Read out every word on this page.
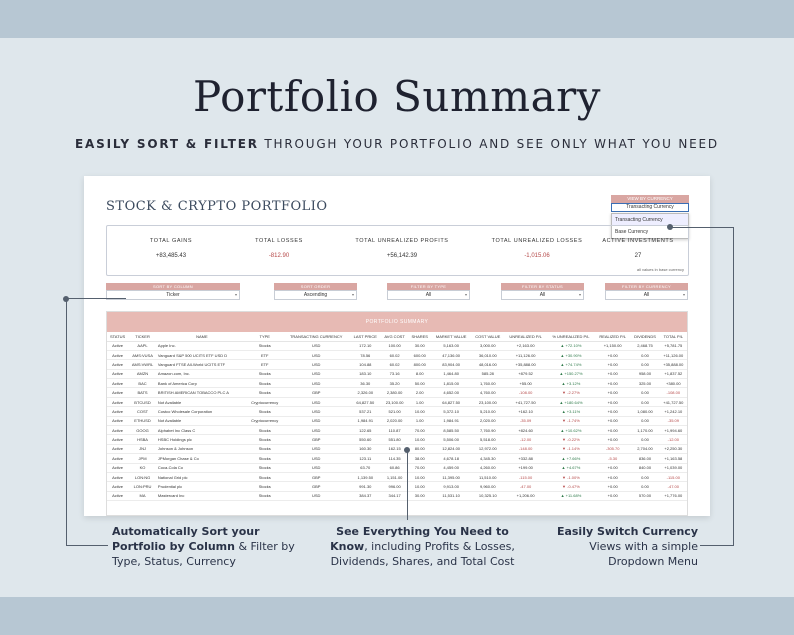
Portfolio Summary
EASILY SORT & FILTER THROUGH YOUR PORTFOLIO AND SEE ONLY WHAT YOU NEED
STOCK & CRYPTO PORTFOLIO
VIEW BY CURRENCY
Transacting Currency
Transacting Currency
Base Currency
TOTAL GAINS
+83,485.43
TOTAL LOSSES
-812.90
TOTAL UNREALIZED PROFITS
+56,142.39
TOTAL UNREALIZED LOSSES
-1,015.06
ACTIVE INVESTMENTS
27
all values in base currency
SORT BY COLUMN
Ticker	▾
SORT ORDER
Ascending	▾
FILTER BY TYPE
All	▾
FILTER BY STATUS
All	▾
FILTER BY CURRENCY
All	▾
PORTFOLIO SUMMARY
STATUS	TICKER	NAME	TYPE	TRANSACTING CURRENCY	LAST PRICE	AVG COST	SHARES	MARKET VALUE	COST VALUE	UNREALIZED P/L	% UNREALIZED P/L	REALIZED P/L	DIVIDENDS	TOTAL P/L
Active	AAPL	Apple Inc.	Stocks	USD	172.10	100.00	30.00	5,163.00	3,000.00	+2,163.00	▲ +72.10%	+1,150.00	2,468.75	+5,781.75
Active	AMS:VUSA	Vanguard S&P 500 UCITS ETF USD D	ETF	USD	78.56	60.02	600.00	47,136.00	36,010.00	+11,126.00	▲ +30.90%	+0.00	0.00	+11,126.00
Active	AMS:VWRL	Vanguard FTSE All-World UCITS ETF	ETF	USD	104.88	60.02	800.00	83,904.00	48,016.00	+35,888.00	▲ +74.74%	+0.00	0.00	+35,888.00
Active	AMZN	Amazon.com, Inc.	Stocks	USD	183.10	73.16	8.00	1,464.80	585.28	+879.52	▲ +150.27%	+0.00	958.00	+1,837.52
Active	BAC	Bank of America Corp	Stocks	USD	36.30	35.20	50.00	1,815.00	1,760.00	+55.00	▲ +3.12%	+0.00	325.00	+380.00
Active	BATS	BRITISH AMERICAN TOBACCO PLC A	Stocks	GBP	2,326.00	2,380.00	2.00	4,652.00	4,760.00	-108.00	▼ -2.27%	+0.00	0.00	-108.00
Active	BTCUSD	Not Available	Cryptocurrency	USD	64,827.50	23,100.00	1.00	64,827.50	23,100.00	+41,727.50	▲ +180.64%	+0.00	0.00	+41,727.50
Active	COST	Costco Wholesale Corporation	Stocks	USD	537.21	521.00	10.00	5,372.10	5,210.00	+162.10	▲ +3.11%	+0.00	1,080.00	+1,242.10
Active	ETHUSD	Not Available	Cryptocurrency	USD	1,984.91	2,020.00	1.00	1,984.91	2,020.00	-35.09	▼ -1.74%	+0.00	0.00	-35.09
Active	GOOG	Alphabet Inc Class C	Stocks	USD	122.65	110.87	70.00	8,585.50	7,760.90	+824.60	▲ +10.62%	+0.00	1,170.00	+1,994.60
Active	HSBA	HSBC Holdings plc	Stocks	GBP	550.60	551.80	10.00	5,506.00	5,518.00	-12.00	▼ -0.22%	+0.00	0.00	-12.00
Active	JNJ	Johnson & Johnson	Stocks	USD	160.30	162.15	80.00	12,824.00	12,972.00	-148.00	▼ -1.14%	-305.70	2,704.00	+2,250.30
Active	JPM	JPMorgan Chase & Co	Stocks	USD	123.11	114.35	38.00	4,678.18	4,345.30	+332.88	▲ +7.66%	-5.30	836.00	+1,163.58
Active	KO	Coca-Cola Co	Stocks	USD	63.70	60.86	70.00	4,459.00	4,260.00	+199.00	▲ +4.67%	+0.00	840.00	+1,039.00
Active	LON:NG	National Grid plc	Stocks	GBP	1,139.50	1,151.00	10.00	11,395.00	11,510.00	-115.00	▼ -1.00%	+0.00	0.00	-115.00
Active	LON:PRU	Prudential plc	Stocks	GBP	991.30	996.00	10.00	9,913.00	9,960.00	-47.00	▼ -0.47%	+0.00	0.00	-47.00
Active	MA	Mastercard Inc	Stocks	USD	384.37	344.17	30.00	11,531.10	10,325.10	+1,206.00	▲ +11.68%	+0.00	570.00	+1,776.00
Automatically Sort your Portfolio by Column & Filter by Type, Status, Currency
See Everything You Need to Know, including Profits & Losses, Dividends, Shares, and Total Cost
Easily Switch Currency Views with a simple Dropdown Menu
